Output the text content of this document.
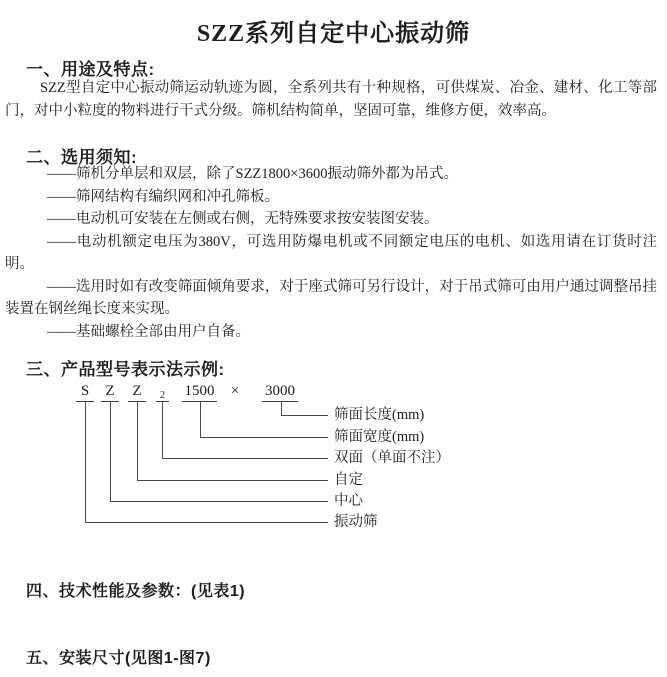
SZZ系列自定中心振动筛
一、用途及特点:

SZZ型自定中心振动筛运动轨迹为圆，全系列共有十种规格，可供煤炭、冶金、建材、化工等部门，对中小粒度的物料进行干式分级。筛机结构简单，坚固可靠，维修方便，效率高。

二、选用须知:

——筛机分单层和双层，除了SZZ1800×3600振动筛外都为吊式。

——筛网结构有编织网和冲孔筛板。

——电动机可安装在左侧或右侧，无特殊要求按安装图安装。

——电动机额定电压为380V，可选用防爆电机或不同额定电压的电机、如选用请在订货时注明。

——选用时如有改变筛面倾角要求，对于座式筛可另行设计，对于吊式筛可由用户通过调整吊挂装置在钢丝绳长度来实现。

——基础螺栓全部由用户自备。

三、产品型号表示法示例:
S	Z Z	2 1500 × 3000
筛面长度(mm)
筛面宽度(mm)
双面（单面不注）
自定
中心
振动筛
四、技术性能及参数：(见表1)
五、安装尺寸(见图1-图7)
